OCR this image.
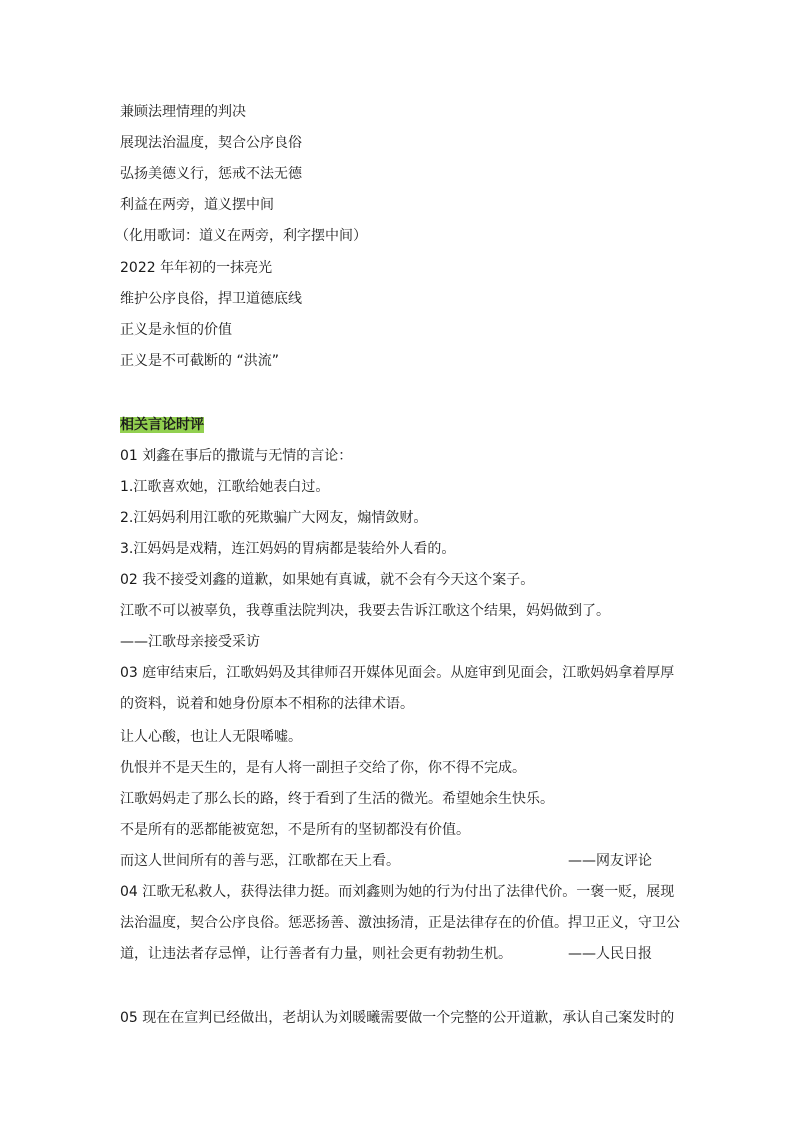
兼顾法理情理的判决
展现法治温度，契合公序良俗
弘扬美德义行，惩戒不法无德
利益在两旁，道义摆中间
（化用歌词：道义在两旁，利字摆中间）
2022 年年初的一抹亮光
维护公序良俗，捍卫道德底线
正义是永恒的价值
正义是不可截断的 “洪流”
相关言论时评
01 刘鑫在事后的撒谎与无情的言论：
1.江歌喜欢她，江歌给她表白过。
2.江妈妈利用江歌的死欺骗广大网友，煽情敛财。
3.江妈妈是戏精，连江妈妈的胃病都是装给外人看的。
02 我不接受刘鑫的道歉，如果她有真诚，就不会有今天这个案子。
江歌不可以被辜负，我尊重法院判决，我要去告诉江歌这个结果，妈妈做到了。
——江歌母亲接受采访
03 庭审结束后，江歌妈妈及其律师召开媒体见面会。从庭审到见面会，江歌妈妈拿着厚厚
的资料，说着和她身份原本不相称的法律术语。
让人心酸，也让人无限唏嘘。
仇恨并不是天生的，是有人将一副担子交给了你，你不得不完成。
江歌妈妈走了那么长的路，终于看到了生活的微光。希望她余生快乐。
不是所有的恶都能被宽恕，不是所有的坚韧都没有价值。
而这人世间所有的善与恶，江歌都在天上看。	——网友评论
04 江歌无私救人，获得法律力挺。而刘鑫则为她的行为付出了法律代价。一褒一贬，展现
法治温度，契合公序良俗。惩恶扬善、激浊扬清，正是法律存在的价值。捍卫正义，守卫公
道，让违法者存忌惮，让行善者有力量，则社会更有勃勃生机。	——人民日报
05 现在在宣判已经做出，老胡认为刘暖曦需要做一个完整的公开道歉，承认自己案发时的
